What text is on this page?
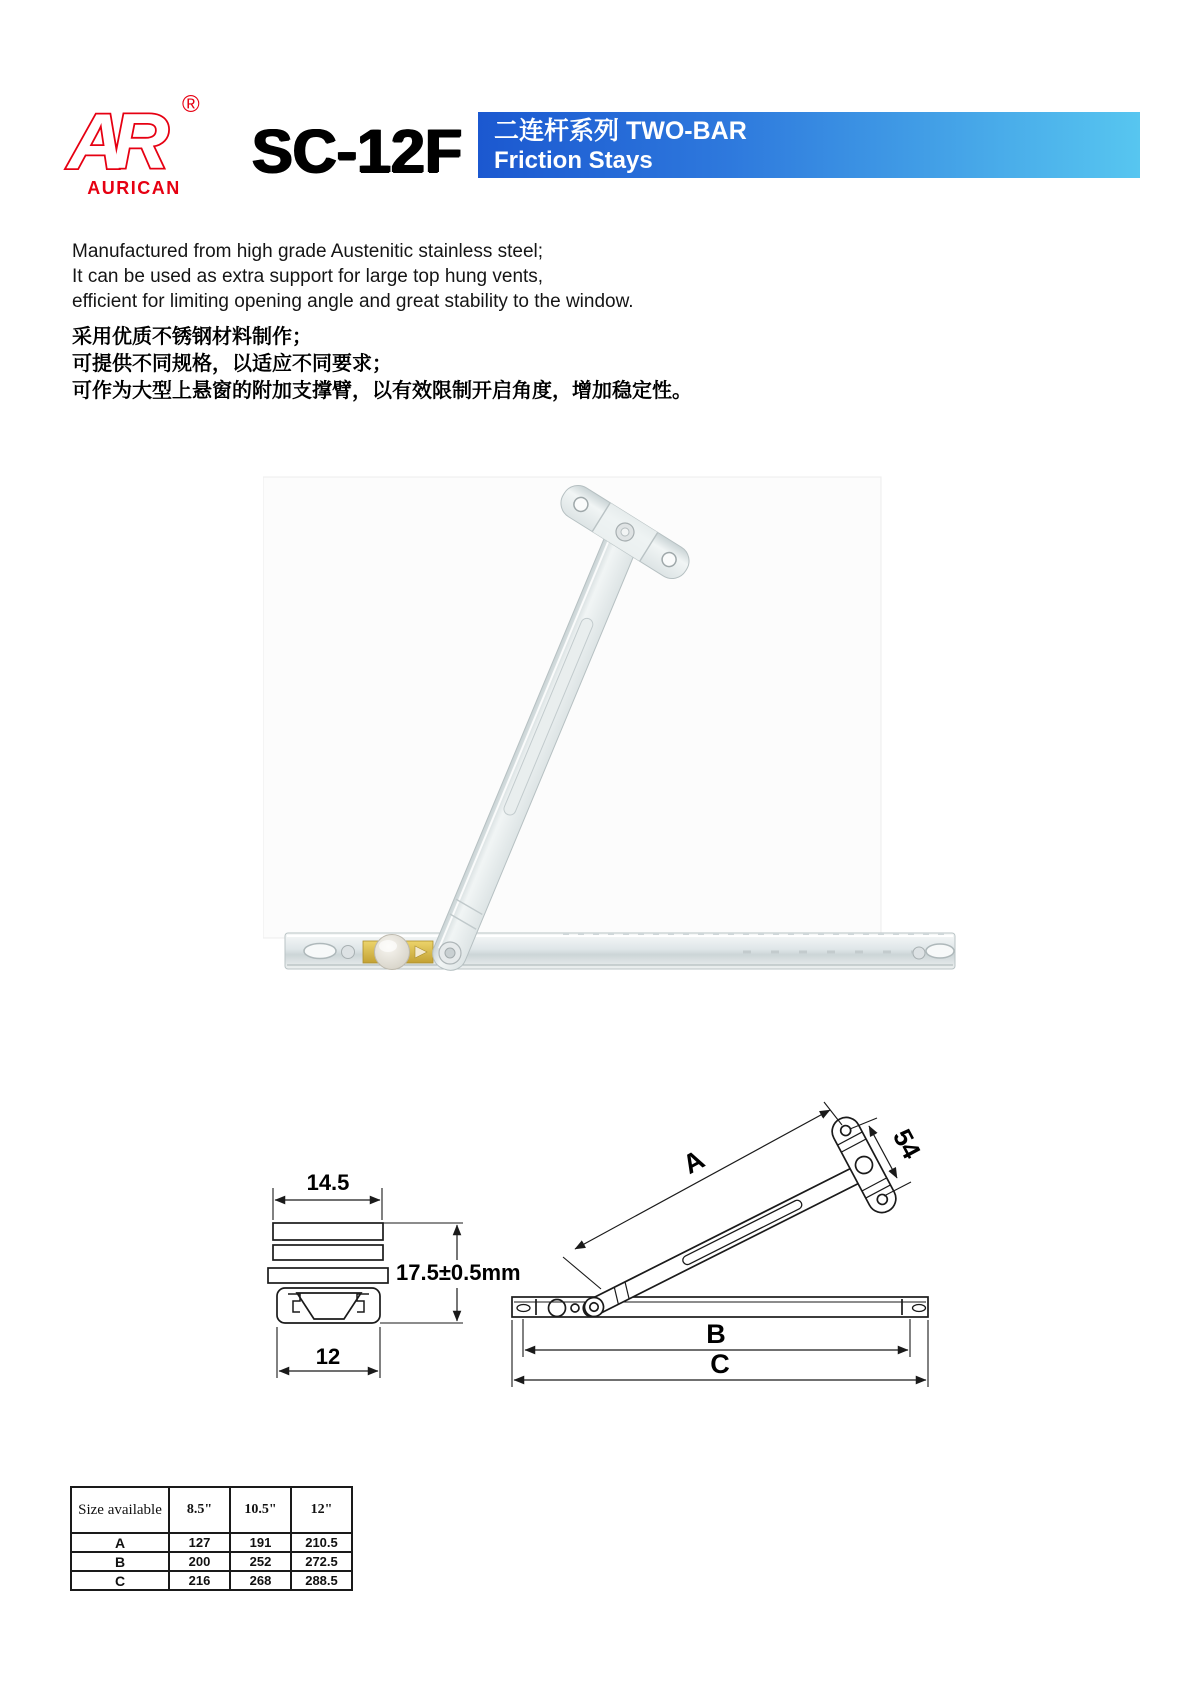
AR	®
AURICAN
SC-12F 二连杆系列 TWO-BAR
Friction Stays
Manufactured from high grade Austenitic stainless steel;
It can be used as extra support for large top hung vents,
efficient for limiting opening angle and great stability to the window.
采用优质不锈钢材料制作；
可提供不同规格，以适应不同要求；
可作为大型上悬窗的附加支撑臂，以有效限制开启角度，增加稳定性。
14.5
17.5±0.5mm
12
A	54
B
C
Size available	8.5"	10.5"	12"
A	127	191	210.5
B	200	252	272.5
C	216	268	288.5
